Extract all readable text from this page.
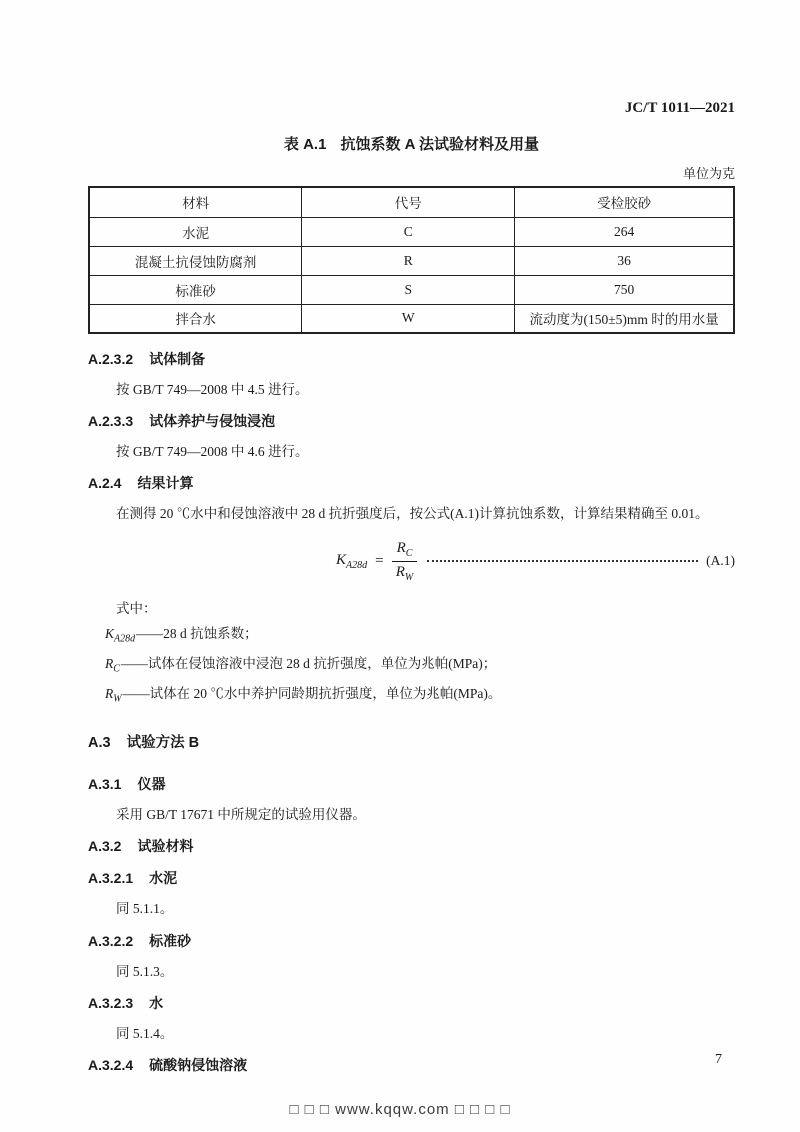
JC/T 1011—2021
表 A.1 抗蚀系数 A 法试验材料及用量
单位为克
材料	代号	受检胶砂
水泥	C	264
混凝土抗侵蚀防腐剂	R	36
标准砂	S	750
拌合水	W	流动度为(150±5)mm 时的用水量
A.2.3.2 试体制备
按 GB/T 749—2008 中 4.5 进行。
A.2.3.3 试体养护与侵蚀浸泡
按 GB/T 749—2008 中 4.6 进行。
A.2.4 结果计算
在测得 20 ℃水中和侵蚀溶液中 28 d 抗折强度后，按公式(A.1)计算抗蚀系数，计算结果精确至 0.01。
$K_{A28d} = \frac{R_C}{R_W}$	(A.1)
式中：
$K_{A28d}——28$ d 抗蚀系数；
$R_C——$试体在侵蚀溶液中浸泡 28 d 抗折强度，单位为兆帕(MPa)；
$R_W——$试体在 20 ℃水中养护同龄期抗折强度，单位为兆帕(MPa)。
A.3 试验方法 B
A.3.1 仪器
采用 GB/T 17671 中所规定的试验用仪器。
A.3.2 试验材料
A.3.2.1 水泥
同 5.1.1。
A.3.2.2 标准砂
同 5.1.3。
A.3.2.3 水
同 5.1.4。
A.3.2.4 硫酸钠侵蚀溶液	7
□ □ □ www.kqqw.com □ □ □ □
